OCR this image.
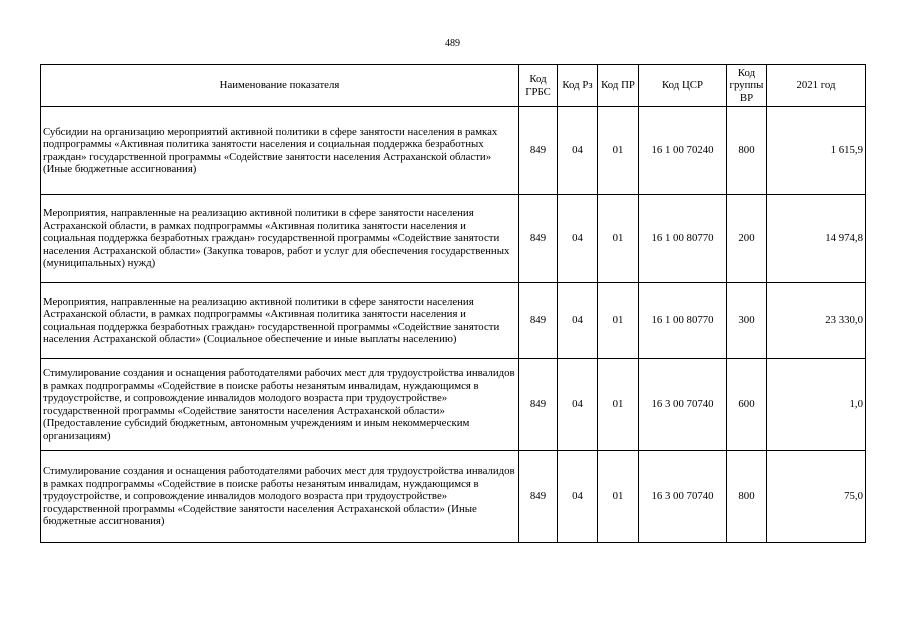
489
Наименование показателя	Код ГРБС	Код Рз	Код ПР	Код ЦСР	Код группы ВР	2021 год
Субсидии на организацию мероприятий активной политики в сфере занятости населения в рамках подпрограммы «Активная политика занятости населения и социальная поддержка безработных граждан» государственной программы «Содействие занятости населения Астраханской области» (Иные бюджетные ассигнования)	849	04	01	16 1 00 70240	800	1 615,9
Мероприятия, направленные на реализацию активной политики в сфере занятости населения Астраханской области, в рамках подпрограммы «Активная политика занятости населения и социальная поддержка безработных граждан» государственной программы «Содействие занятости населения Астраханской области» (Закупка товаров, работ и услуг для обеспечения государственных (муниципальных) нужд)	849	04	01	16 1 00 80770	200	14 974,8
Мероприятия, направленные на реализацию активной политики в сфере занятости населения Астраханской области, в рамках подпрограммы «Активная политика занятости населения и социальная поддержка безработных граждан» государственной программы «Содействие занятости населения Астраханской области» (Социальное обеспечение и иные выплаты населению)	849	04	01	16 1 00 80770	300	23 330,0
Стимулирование создания и оснащения работодателями рабочих мест для трудоустройства инвалидов в рамках подпрограммы «Содействие в поиске работы незанятым инвалидам, нуждающимся в трудоустройстве, и сопровождение инвалидов молодого возраста при трудоустройстве» государственной программы «Содействие занятости населения Астраханской области» (Предоставление субсидий бюджетным, автономным учреждениям и иным некоммерческим организациям)	849	04	01	16 3 00 70740	600	1,0
Стимулирование создания и оснащения работодателями рабочих мест для трудоустройства инвалидов в рамках подпрограммы «Содействие в поиске работы незанятым инвалидам, нуждающимся в трудоустройстве, и сопровождение инвалидов молодого возраста при трудоустройстве» государственной программы «Содействие занятости населения Астраханской области» (Иные бюджетные ассигнования)	849	04	01	16 3 00 70740	800	75,0
